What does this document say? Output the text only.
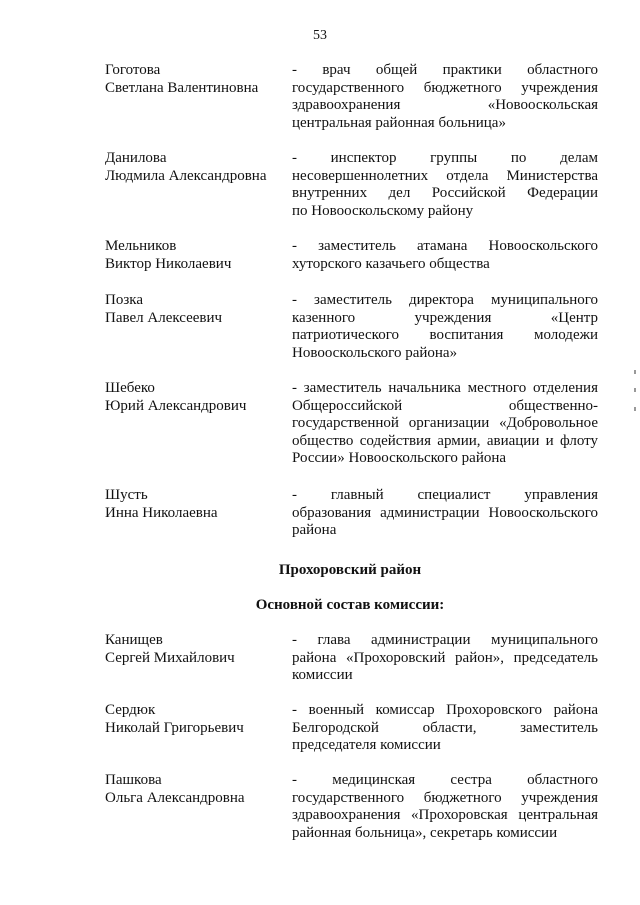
53
Гоготова
Светлана Валентиновна
- врач общей практики областного
государственного бюджетного учреждения
здравоохранения «Новооскольская
центральная районная больница»
Данилова
Людмила Александровна
- инспектор группы по делам
несовершеннолетних отдела Министерства
внутренних дел Российской Федерации
по Новооскольскому району
Мельников
Виктор Николаевич
- заместитель атамана Новооскольского
хуторского казачьего общества
Позка
Павел Алексеевич
- заместитель директора муниципального
казенного учреждения «Центр
патриотического воспитания молодежи
Новооскольского района»
Шебеко
Юрий Александрович
- заместитель начальника местного отделения
Общероссийской общественно-
государственной организации «Добровольное
общество содействия армии, авиации и флоту
России» Новооскольского района
Шусть
Инна Николаевна
- главный специалист управления
образования администрации Новооскольского
района
Прохоровский район
Основной состав комиссии:
Канищев
Сергей Михайлович
- глава администрации муниципального
района «Прохоровский район», председатель
комиссии
Сердюк
Николай Григорьевич
- военный комиссар Прохоровского района
Белгородской области, заместитель
председателя комиссии
Пашкова
Ольга Александровна
- медицинская сестра областного
государственного бюджетного учреждения
здравоохранения «Прохоровская центральная
районная больница», секретарь комиссии
